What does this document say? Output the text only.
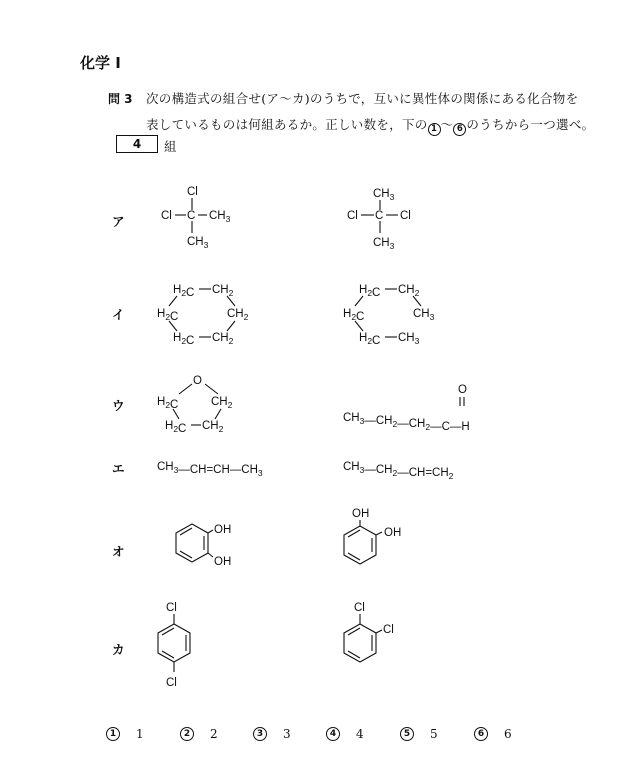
化学 I
問 3 次の構造式の組合せ(ア〜カ)のうちで，互いに異性体の関係にある化合物を
表しているものは何組あるか。正しい数を，下の 1 〜 6 のうちから一つ選べ。
4	組
ア
イ
ウ
エ
オ
カ
Cl
Cl C $CH_3$
$CH_3$
$CH_3$
Cl C Cl
$CH_3$
$H_2C$ $CH_2$
$H_2C$	$CH_2$
$H_2C$ $CH_2$
$H_2C$ $CH_2$
$H_2C$	$CH_3$
$H_2C$ $CH_3$
O
$H_2C$	$CH_2$
$H_2C$ $CH_2$
O
$CH_3—CH_2—CH_2—C—H$
$CH_3—CH=CH—CH_3$	$CH_3—CH_2—CH=CH_2$
OH
OH
OH
OH
Cl
Cl
Cl
Cl
1	1	2	2	3	3	4	4	5	5	6	6
